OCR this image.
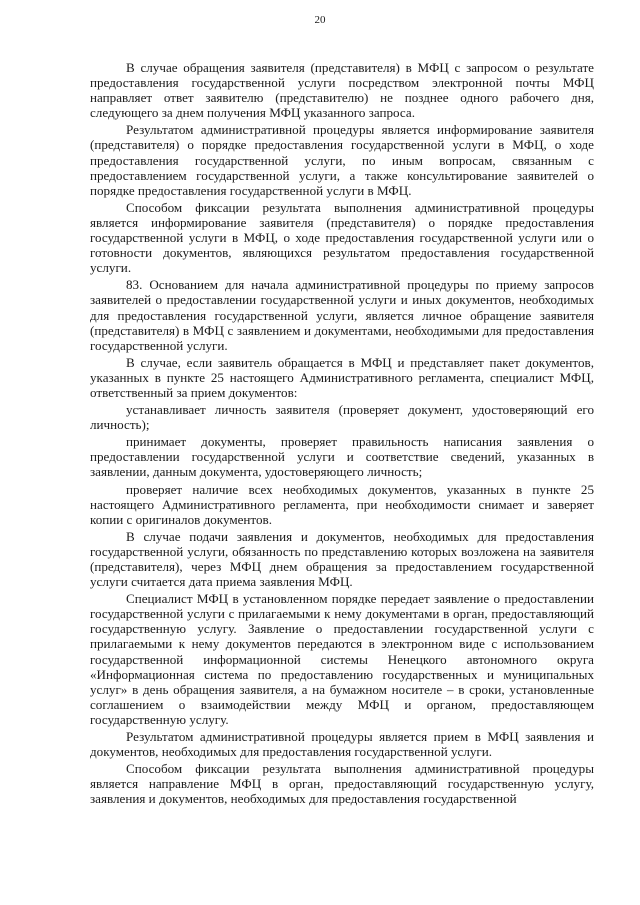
20

В случае обращения заявителя (представителя) в МФЦ с запросом о результате предоставления государственной услуги посредством электронной почты МФЦ направляет ответ заявителю (представителю) не позднее одного рабочего дня, следующего за днем получения МФЦ указанного запроса.

Результатом административной процедуры является информирование заявителя (представителя) о порядке предоставления государственной услуги в МФЦ, о ходе предоставления государственной услуги, по иным вопросам, связанным с предоставлением государственной услуги, а также консультирование заявителей о порядке предоставления государственной услуги в МФЦ.

Способом фиксации результата выполнения административной процедуры является информирование заявителя (представителя) о порядке предоставления государственной услуги в МФЦ, о ходе предоставления государственной услуги или о готовности документов, являющихся результатом предоставления государственной услуги.

83. Основанием для начала административной процедуры по приему запросов заявителей о предоставлении государственной услуги и иных документов, необходимых для предоставления государственной услуги, является личное обращение заявителя (представителя) в МФЦ с заявлением и документами, необходимыми для предоставления государственной услуги.

В случае, если заявитель обращается в МФЦ и представляет пакет документов, указанных в пункте 25 настоящего Административного регламента, специалист МФЦ, ответственный за прием документов:

устанавливает личность заявителя (проверяет документ, удостоверяющий его личность);

принимает документы, проверяет правильность написания заявления о предоставлении государственной услуги и соответствие сведений, указанных в заявлении, данным документа, удостоверяющего личность;

проверяет наличие всех необходимых документов, указанных в пункте 25 настоящего Административного регламента, при необходимости снимает и заверяет копии с оригиналов документов.

В случае подачи заявления и документов, необходимых для предоставления государственной услуги, обязанность по представлению которых возложена на заявителя (представителя), через МФЦ днем обращения за предоставлением государственной услуги считается дата приема заявления МФЦ.

Специалист МФЦ в установленном порядке передает заявление о предоставлении государственной услуги с прилагаемыми к нему документами в орган, предоставляющий государственную услугу. Заявление о предоставлении государственной услуги с прилагаемыми к нему документов передаются в электронном виде с использованием государственной информационной системы Ненецкого автономного округа «Информационная система по предоставлению государственных и муниципальных услуг» в день обращения заявителя, а на бумажном носителе – в сроки, установленные соглашением о взаимодействии между МФЦ и органом, предоставляющем государственную услугу.

Результатом административной процедуры является прием в МФЦ заявления и документов, необходимых для предоставления государственной услуги.

Способом фиксации результата выполнения административной процедуры является направление МФЦ в орган, предоставляющий государственную услугу, заявления и документов, необходимых для предоставления государственной
